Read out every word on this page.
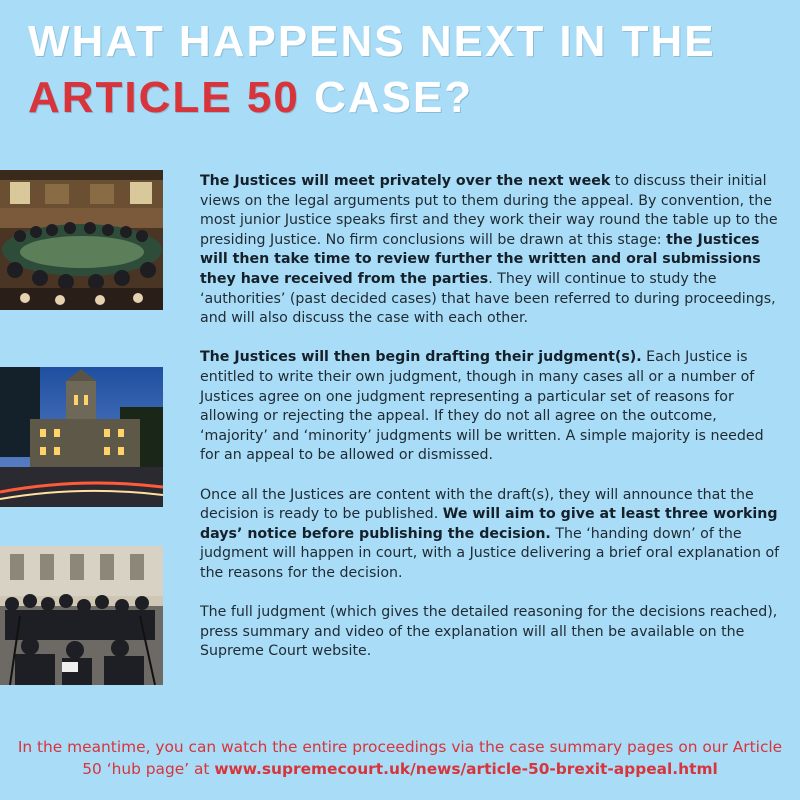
WHAT HAPPENS NEXT IN THE
ARTICLE 50 CASE?

The Justices will meet privately over the next week to discuss their initial views on the legal arguments put to them during the appeal. By convention, the most junior Justice speaks first and they work their way round the table up to the presiding Justice. No firm conclusions will be drawn at this stage: the Justices will then take time to review further the written and oral submissions they have received from the parties. They will continue to study the ‘authorities’ (past decided cases) that have been referred to during proceedings, and will also discuss the case with each other.

The Justices will then begin drafting their judgment(s). Each Justice is entitled to write their own judgment, though in many cases all or a number of Justices agree on one judgment representing a particular set of reasons for allowing or rejecting the appeal. If they do not all agree on the outcome, ‘majority’ and ‘minority’ judgments will be written. A simple majority is needed for an appeal to be allowed or dismissed.

Once all the Justices are content with the draft(s), they will announce that the decision is ready to be published. We will aim to give at least three working days’ notice before publishing the decision. The ‘handing down’ of the judgment will happen in court, with a Justice delivering a brief oral explanation of the reasons for the decision.

The full judgment (which gives the detailed reasoning for the decisions reached), press summary and video of the explanation will all then be available on the Supreme Court website.

In the meantime, you can watch the entire proceedings via the case summary pages on our Article 50 ‘hub page’ at www.supremecourt.uk/news/article-50-brexit-appeal.html
